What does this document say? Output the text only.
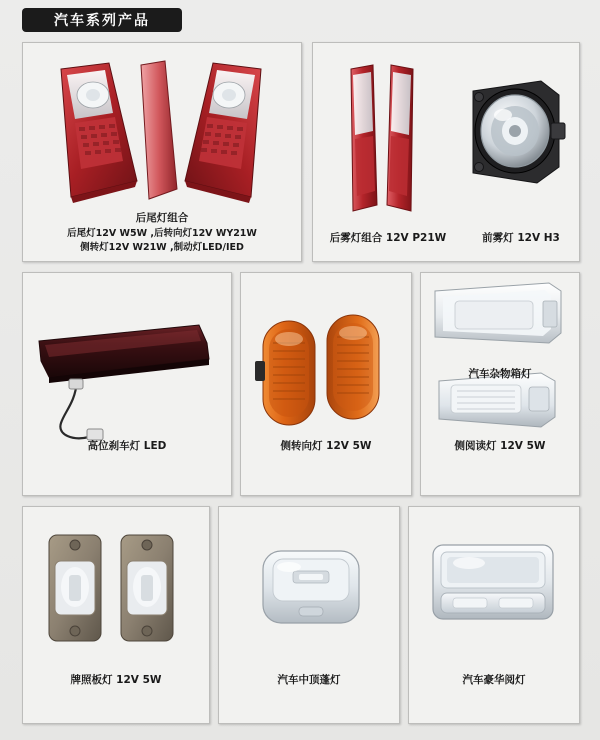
汽车系列产品
后尾灯组合
后尾灯12V W5W ,后转向灯12V WY21W
侧转灯12V W21W ,制动灯LED/IED
后雾灯组合 12V P21W	前雾灯 12V H3
高位刹车灯 LED	侧转向灯 12V 5W
汽车杂物箱灯
侧阅读灯 12V 5W
牌照板灯 12V 5W	汽车中顶蓬灯	汽车豪华阅灯
